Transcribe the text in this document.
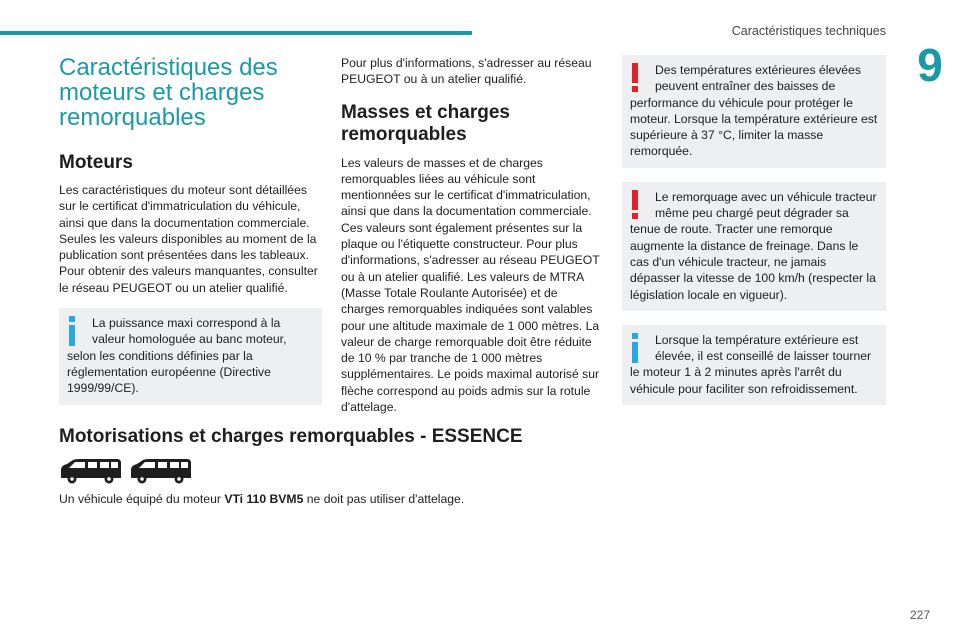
Caractéristiques techniques
9
Caractéristiques des moteurs et charges remorquables
Moteurs

Les caractéristiques du moteur sont détaillées sur le certificat d'immatriculation du véhicule, ainsi que dans la documentation commerciale. Seules les valeurs disponibles au moment de la publication sont présentées dans les tableaux. Pour obtenir des valeurs manquantes, consulter le réseau PEUGEOT ou un atelier qualifié.

La puissance maxi correspond à la valeur homologuée au banc moteur,
selon les conditions définies par la réglementation européenne (Directive 1999/99/CE).

Pour plus d'informations, s'adresser au réseau PEUGEOT ou à un atelier qualifié.

Masses et charges remorquables

Les valeurs de masses et de charges remorquables liées au véhicule sont mentionnées sur le certificat d'immatriculation, ainsi que dans la documentation commerciale. Ces valeurs sont également présentes sur la plaque ou l'étiquette constructeur. Pour plus d'informations, s'adresser au réseau PEUGEOT ou à un atelier qualifié. Les valeurs de MTRA (Masse Totale Roulante Autorisée) et de charges remorquables indiquées sont valables pour une altitude maximale de 1 000 mètres. La valeur de charge remorquable doit être réduite de 10 % par tranche de 1 000 mètres supplémentaires. Le poids maximal autorisé sur flèche correspond au poids admis sur la rotule d'attelage.

Des températures extérieures élevées peuvent entraîner des baisses de
performance du véhicule pour protéger le moteur. Lorsque la température extérieure est supérieure à 37 °C, limiter la masse remorquée.
Le remorquage avec un véhicule tracteur même peu chargé peut dégrader sa
tenue de route. Tracter une remorque augmente la distance de freinage. Dans le cas d'un véhicule tracteur, ne jamais dépasser la vitesse de 100 km/h (respecter la législation locale en vigueur).
Lorsque la température extérieure est élevée, il est conseillé de laisser tourner
le moteur 1 à 2 minutes après l'arrêt du véhicule pour faciliter son refroidissement.
Motorisations et charges remorquables - ESSENCE
Un véhicule équipé du moteur VTi 110 BVM5 ne doit pas utiliser d'attelage.
227
